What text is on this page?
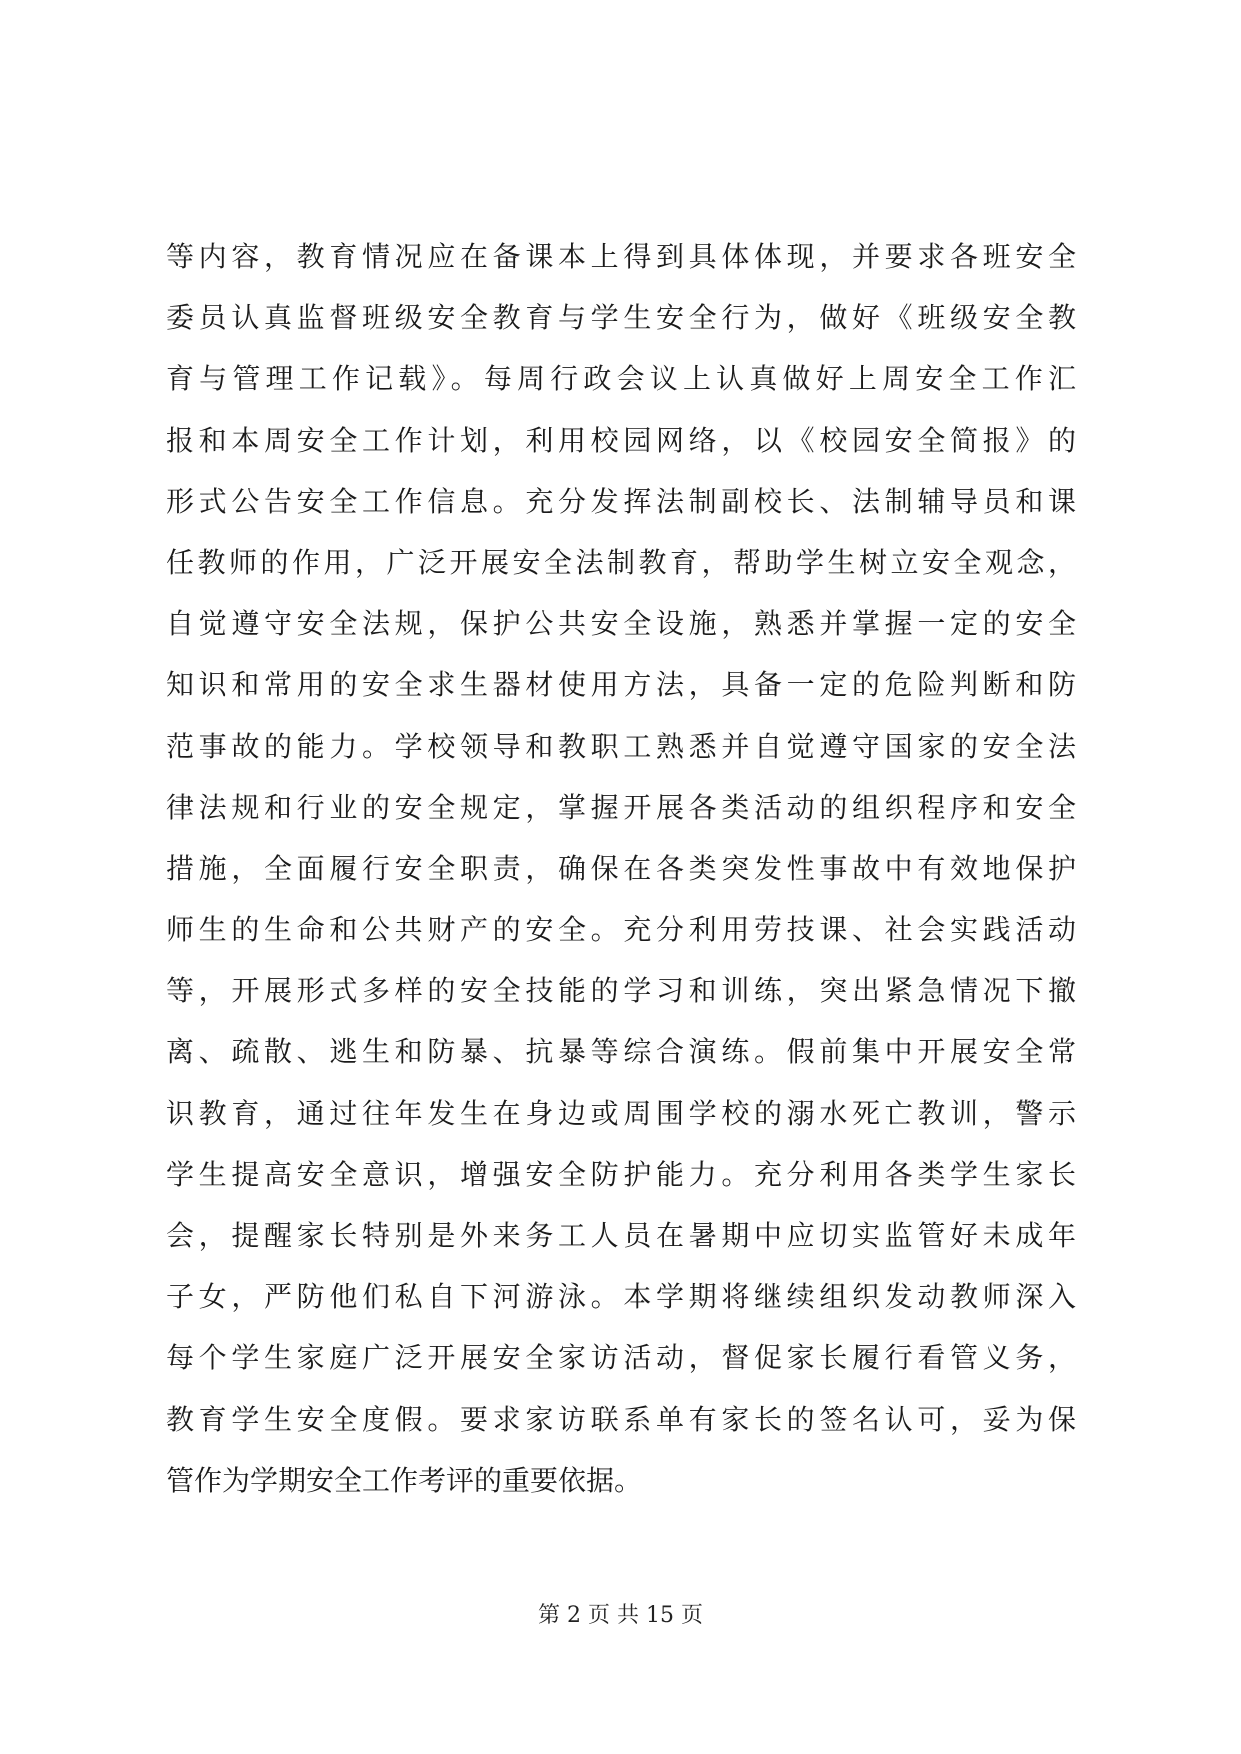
等内容，教育情况应在备课本上得到具体体现，并要求各班安全
委员认真监督班级安全教育与学生安全行为，做好《班级安全教
育与管理工作记载》。每周行政会议上认真做好上周安全工作汇
报和本周安全工作计划，利用校园网络，以《校园安全简报》的
形式公告安全工作信息。充分发挥法制副校长、法制辅导员和课
任教师的作用，广泛开展安全法制教育，帮助学生树立安全观念，
自觉遵守安全法规，保护公共安全设施，熟悉并掌握一定的安全
知识和常用的安全求生器材使用方法，具备一定的危险判断和防
范事故的能力。学校领导和教职工熟悉并自觉遵守国家的安全法
律法规和行业的安全规定，掌握开展各类活动的组织程序和安全
措施，全面履行安全职责，确保在各类突发性事故中有效地保护
师生的生命和公共财产的安全。充分利用劳技课、社会实践活动
等，开展形式多样的安全技能的学习和训练，突出紧急情况下撤
离、疏散、逃生和防暴、抗暴等综合演练。假前集中开展安全常
识教育，通过往年发生在身边或周围学校的溺水死亡教训，警示
学生提高安全意识，增强安全防护能力。充分利用各类学生家长
会，提醒家长特别是外来务工人员在暑期中应切实监管好未成年
子女，严防他们私自下河游泳。本学期将继续组织发动教师深入
每个学生家庭广泛开展安全家访活动，督促家长履行看管义务，
教育学生安全度假。要求家访联系单有家长的签名认可，妥为保
管作为学期安全工作考评的重要依据。
第 2 页 共 15 页
